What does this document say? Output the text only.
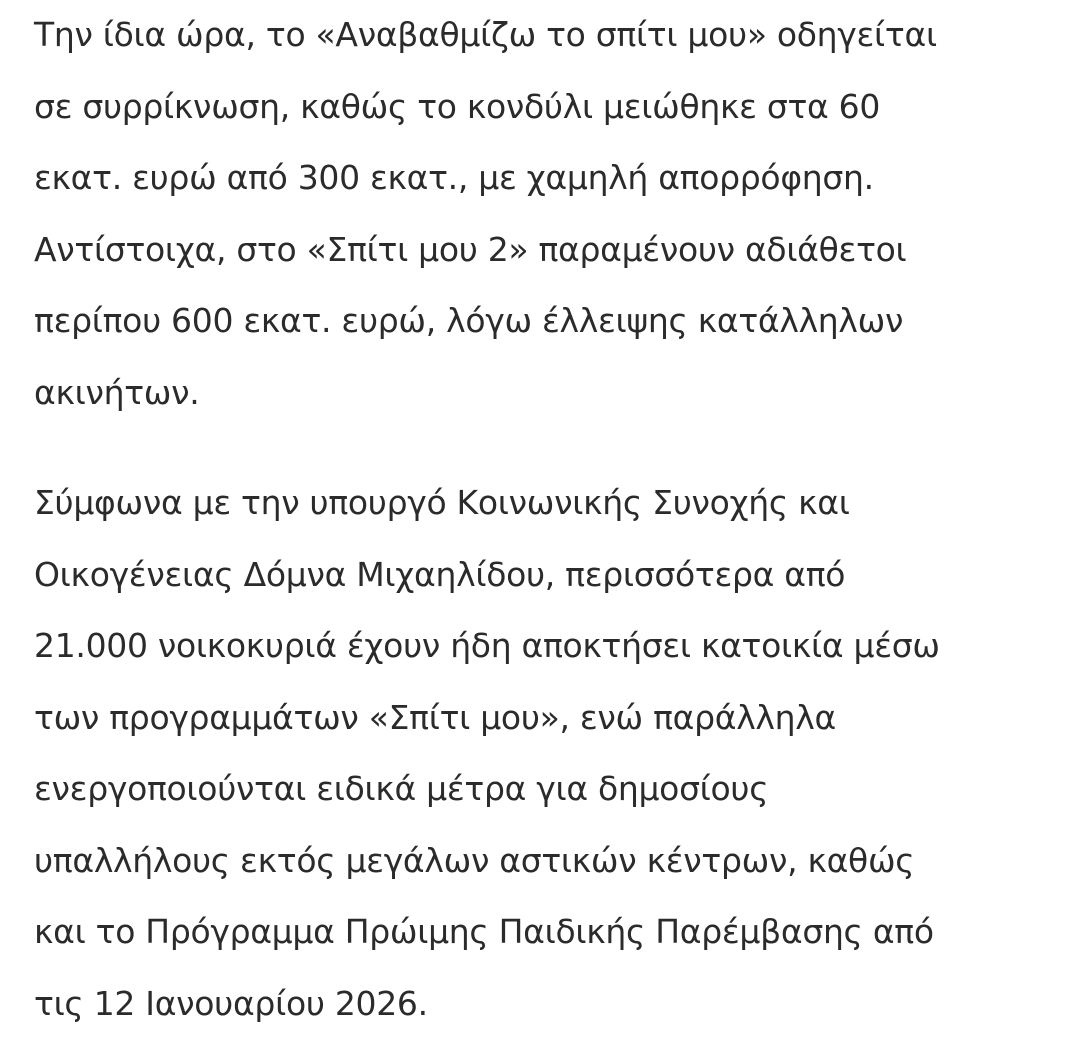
Την ίδια ώρα, το «Αναβαθμίζω το σπίτι μου» οδηγείται
σε συρρίκνωση, καθώς το κονδύλι μειώθηκε στα 60
εκατ. ευρώ από 300 εκατ., με χαμηλή απορρόφηση.
Αντίστοιχα, στο «Σπίτι μου 2» παραμένουν αδιάθετοι
περίπου 600 εκατ. ευρώ, λόγω έλλειψης κατάλληλων
ακινήτων.
Σύμφωνα με την υπουργό Κοινωνικής Συνοχής και
Οικογένειας Δόμνα Μιχαηλίδου, περισσότερα από
21.000 νοικοκυριά έχουν ήδη αποκτήσει κατοικία μέσω
των προγραμμάτων «Σπίτι μου», ενώ παράλληλα
ενεργοποιούνται ειδικά μέτρα για δημοσίους
υπαλλήλους εκτός μεγάλων αστικών κέντρων, καθώς
και το Πρόγραμμα Πρώιμης Παιδικής Παρέμβασης από
τις 12 Ιανουαρίου 2026.
